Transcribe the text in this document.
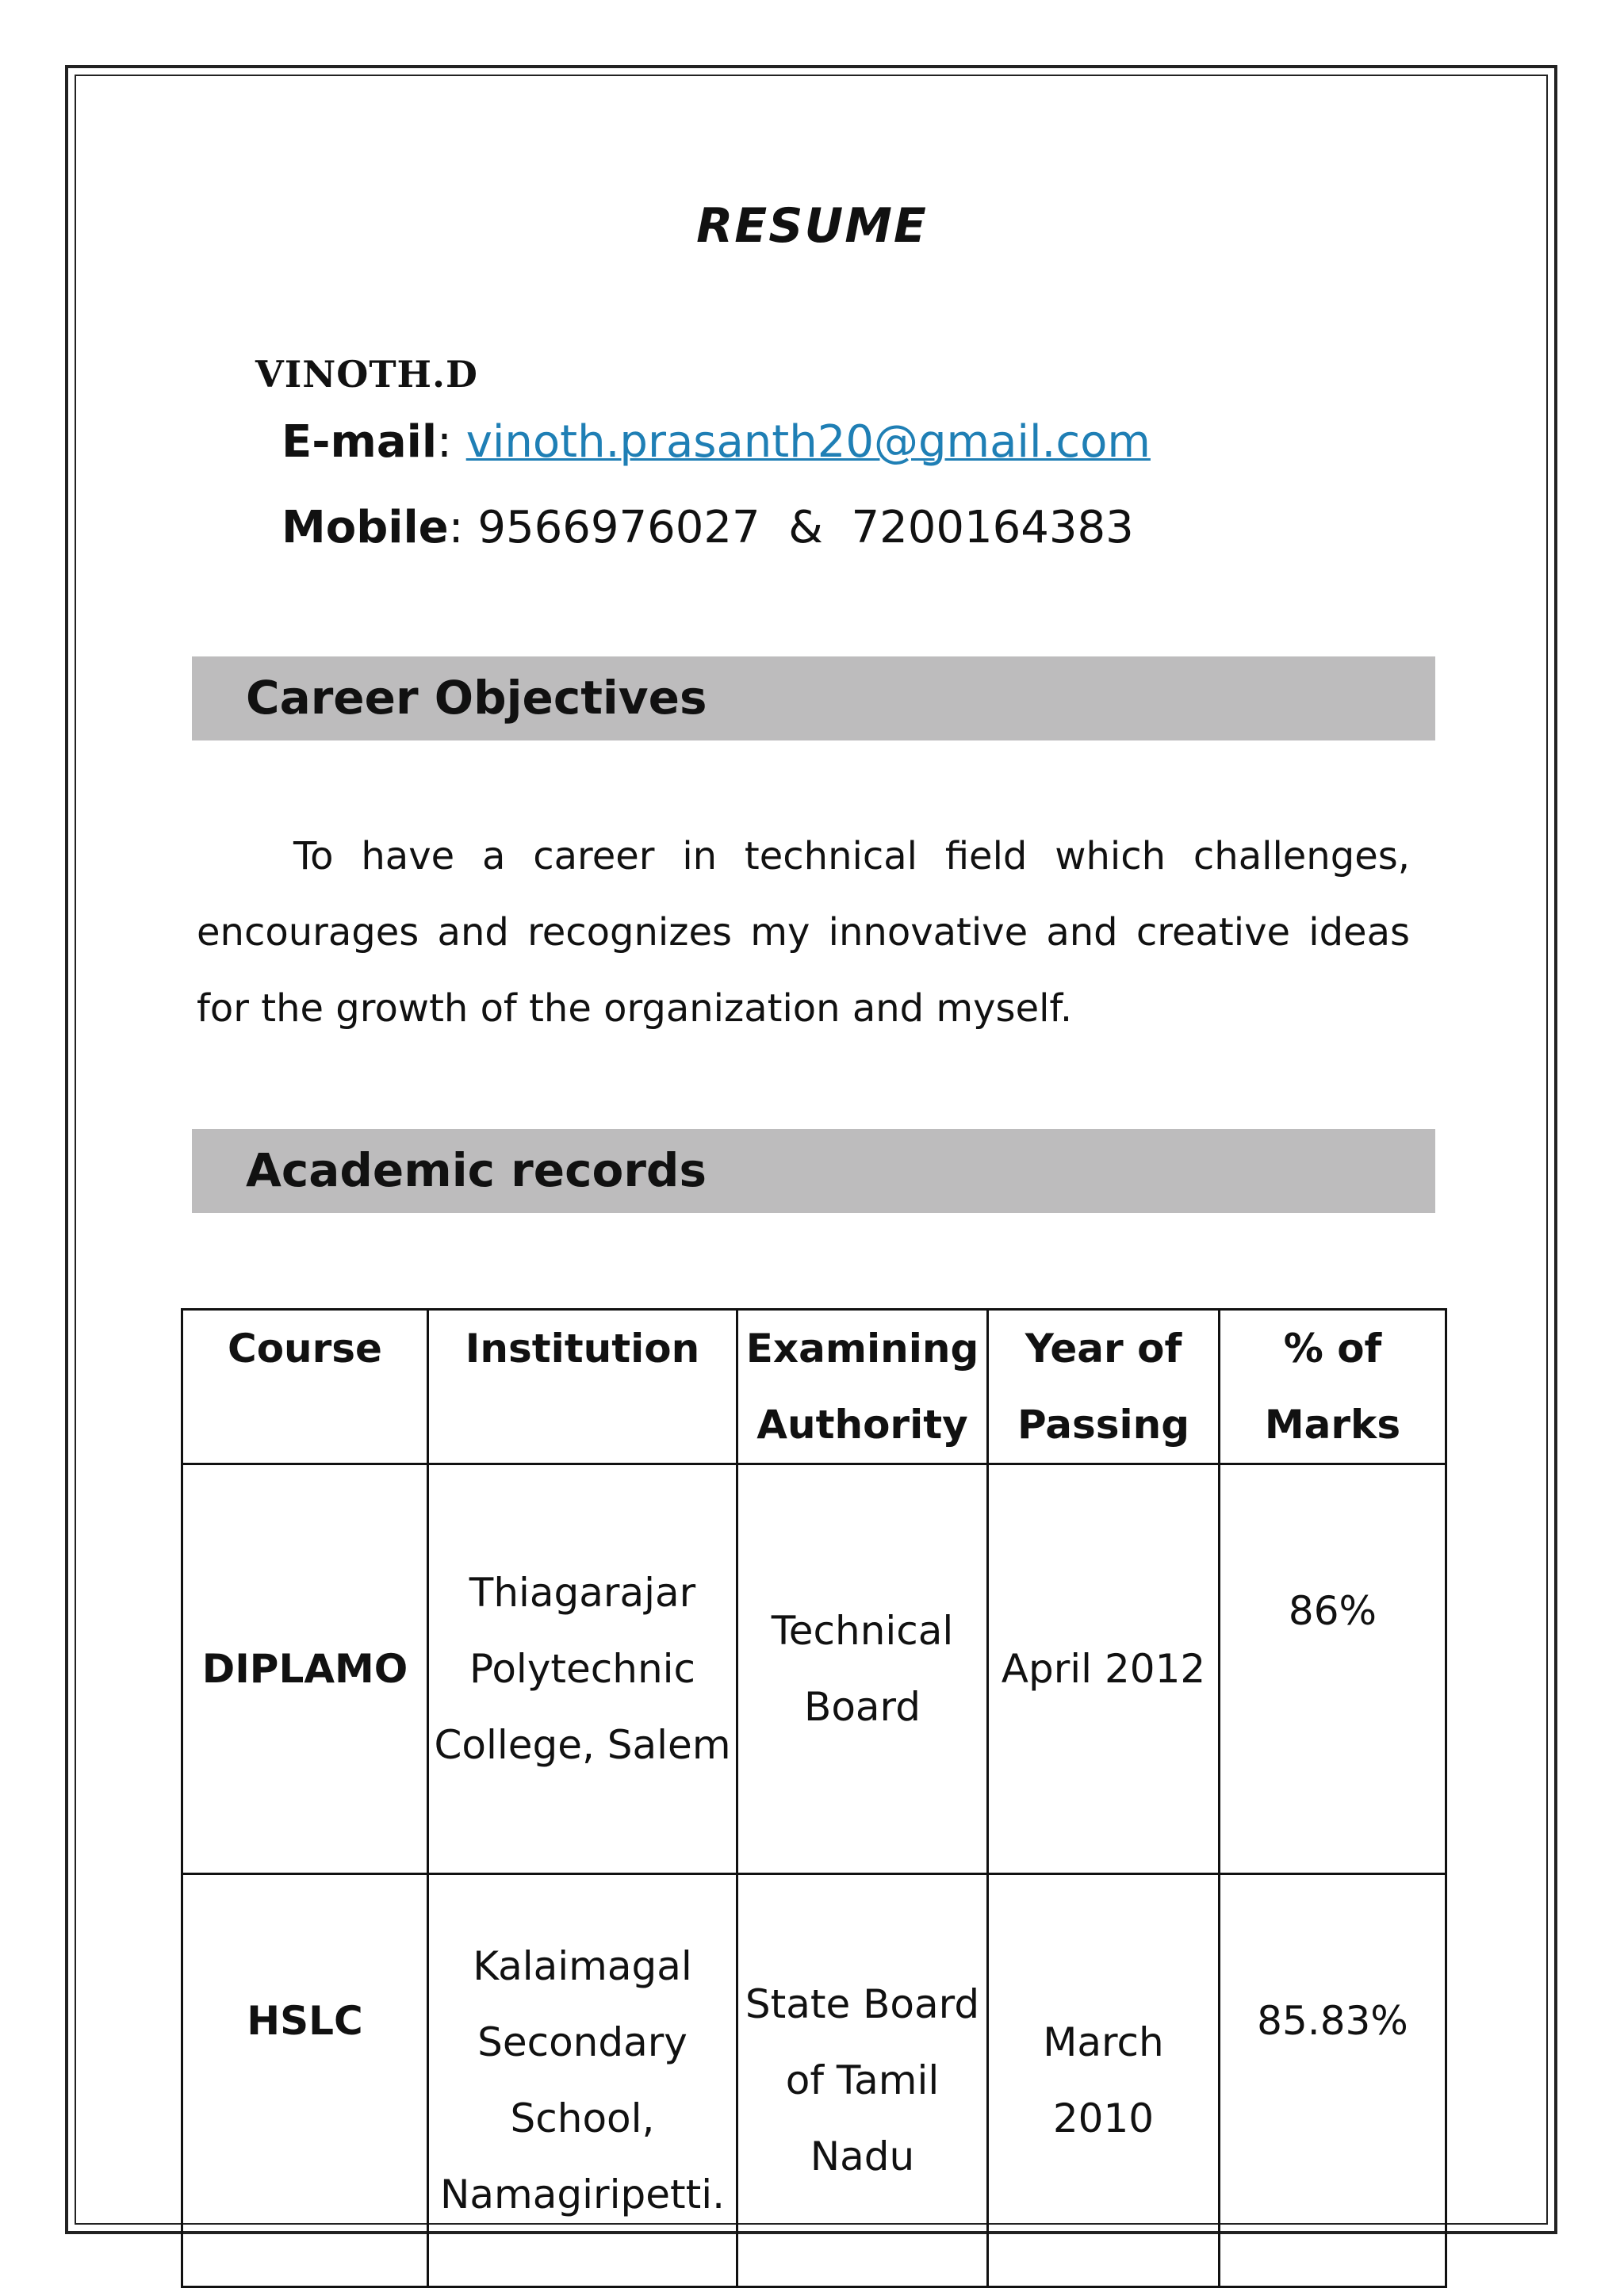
RESUME
VINOTH.D
E-mail: vinoth.prasanth20@gmail.com
Mobile: 9566976027  &  7200164383
Career Objectives
To have a career in technical field which challenges, encourages and recognizes my innovative and creative ideas for the growth of the organization and myself.
Academic records
Course	Institution	Examining Authority	Year of Passing	% of Marks
DIPLAMO	Thiagarajar Polytechnic College, Salem	Technical Board	April 2012	86%
HSLC	Kalaimagal Secondary School, Namagiripetti.	State Board of Tamil Nadu	March 2010	85.83%
